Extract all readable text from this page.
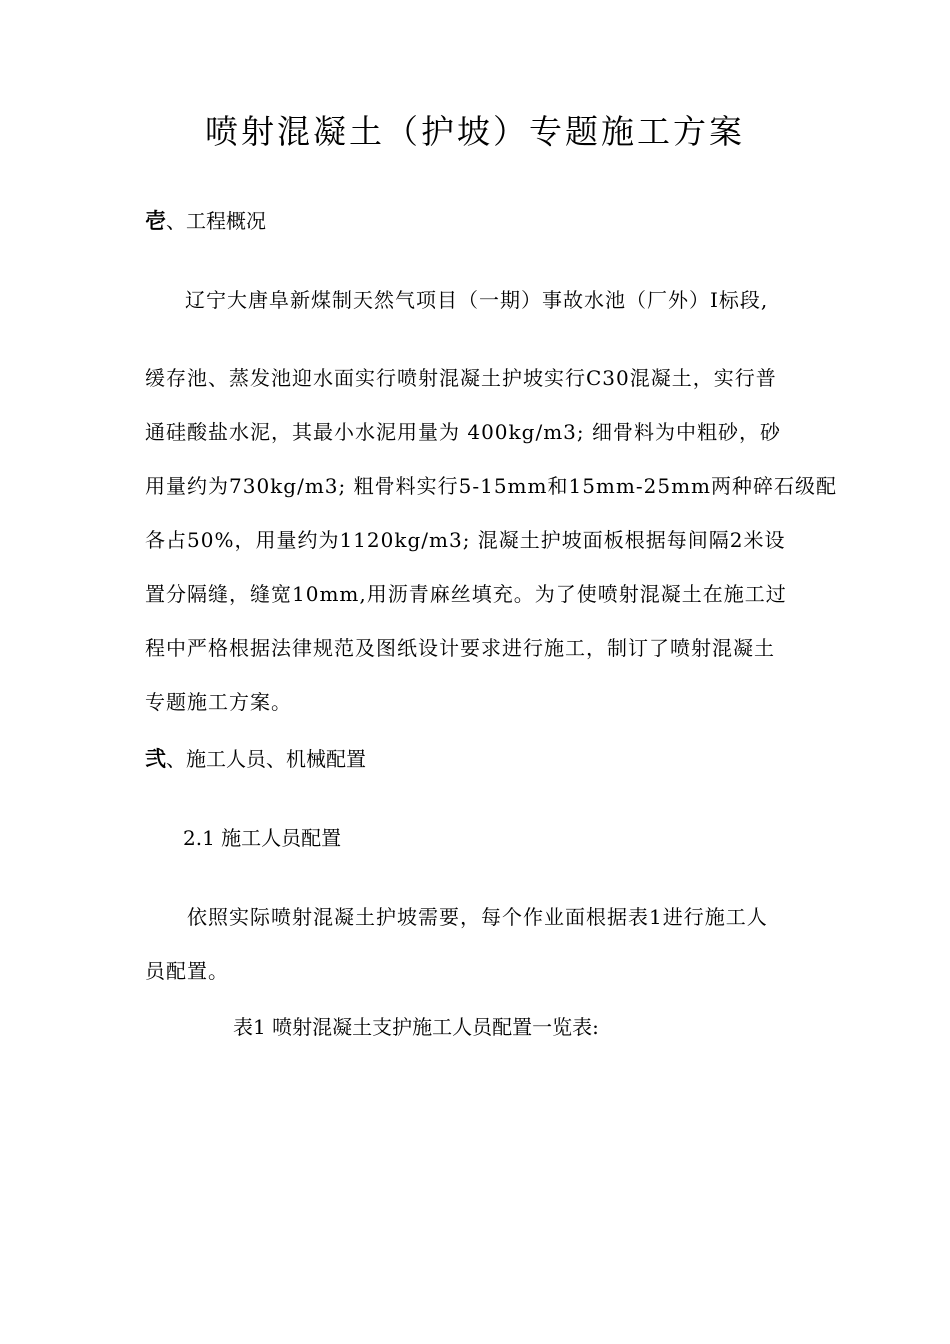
喷射混凝土（护坡）专题施工方案

壱、工程概况

辽宁大唐阜新煤制天然气项目（一期）事故水池（厂外）Ⅰ标段,

缓存池、蒸发池迎水面实行喷射混凝土护坡实行C30混凝土，实行普

通硅酸盐水泥，其最小水泥用量为 400kg/m3; 细骨料为中粗砂，砂

用量约为730kg/m3; 粗骨料实行5-15mm和15mm-25mm两种碎石级配

各占50%，用量约为1120kg/m3; 混凝土护坡面板根据每间隔2米设

置分隔缝，缝宽10mm,用沥青麻丝填充。为了使喷射混凝土在施工过

程中严格根据法律规范及图纸设计要求进行施工，制订了喷射混凝土

专题施工方案。

弐、施工人员、机械配置

2.1 施工人员配置

依照实际喷射混凝土护坡需要，每个作业面根据表1进行施工人

员配置。

表1 喷射混凝土支护施工人员配置一览表:
